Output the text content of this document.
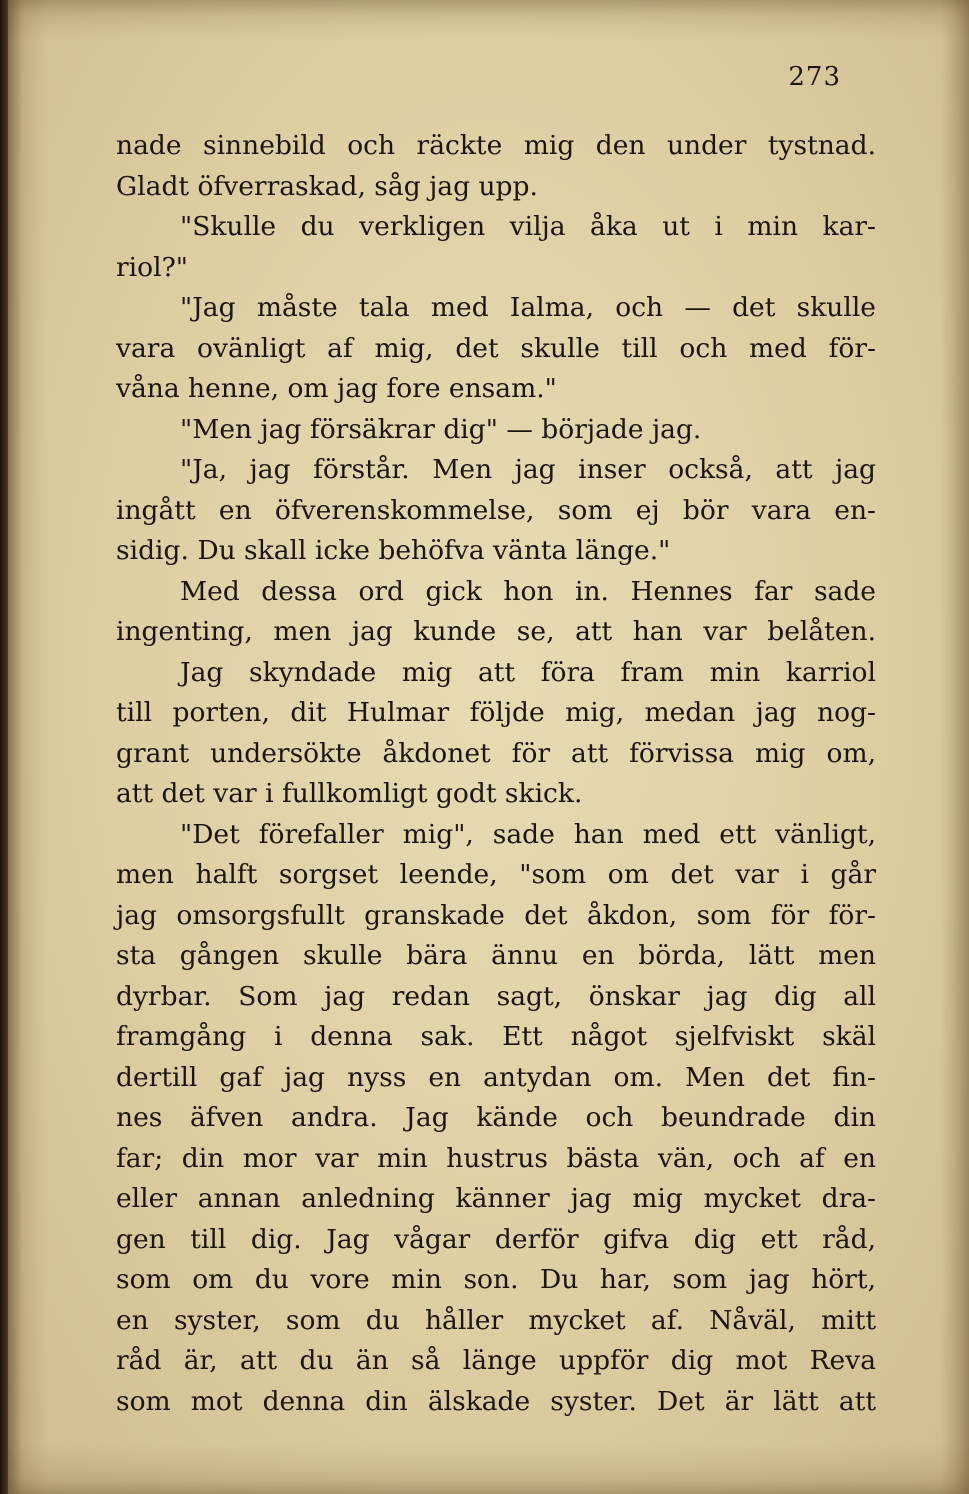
273
nade sinnebild och räckte mig den under tystnad.
Gladt öfverraskad, såg jag upp.
"Skulle du verkligen vilja åka ut i min kar-
riol?"
"Jag måste tala med Ialma, och — det skulle
vara ovänligt af mig, det skulle till och med för-
våna henne, om jag fore ensam."
"Men jag försäkrar dig" — började jag.
"Ja, jag förstår. Men jag inser också, att jag
ingått en öfverenskommelse, som ej bör vara en-
sidig. Du skall icke behöfva vänta länge."
Med dessa ord gick hon in. Hennes far sade
ingenting, men jag kunde se, att han var belåten.
Jag skyndade mig att föra fram min karriol
till porten, dit Hulmar följde mig, medan jag nog-
grant undersökte åkdonet för att förvissa mig om,
att det var i fullkomligt godt skick.
"Det förefaller mig", sade han med ett vänligt,
men halft sorgset leende, "som om det var i går
jag omsorgsfullt granskade det åkdon, som för för-
sta gången skulle bära ännu en börda, lätt men
dyrbar. Som jag redan sagt, önskar jag dig all
framgång i denna sak. Ett något sjelfviskt skäl
dertill gaf jag nyss en antydan om. Men det fin-
nes äfven andra. Jag kände och beundrade din
far; din mor var min hustrus bästa vän, och af en
eller annan anledning känner jag mig mycket dra-
gen till dig. Jag vågar derför gifva dig ett råd,
som om du vore min son. Du har, som jag hört,
en syster, som du håller mycket af. Nåväl, mitt
råd är, att du än så länge uppför dig mot Reva
som mot denna din älskade syster. Det är lätt att
